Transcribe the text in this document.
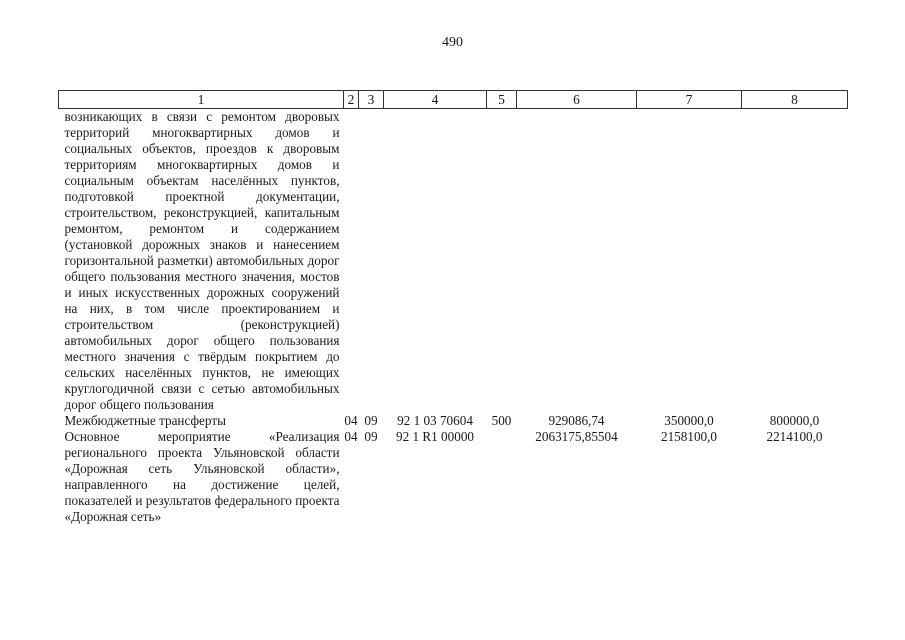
490
1	2	3	4	5	6	7	8
возникающих в связи с ремонтом дворовых территорий многоквартирных домов и социальных объектов, проездов к дворовым территориям многоквартирных домов и социальным объектам населённых пунктов, подготовкой проектной документации, строительством, реконструкцией, капитальным ремонтом, ремонтом и содержанием (установкой дорожных знаков и нанесением горизонтальной разметки) автомобильных дорог общего пользования местного значения, мостов и иных искусственных дорожных сооружений на них, в том числе проектированием и строительством (реконструкцией) автомобильных дорог общего пользования местного значения с твёрдым покрытием до сельских населённых пунктов, не имеющих круглогодичной связи с сетью автомобильных дорог общего пользования							
Межбюджетные трансферты	04	09	92 1 03 70604	500	929086,74	350000,0	800000,0
Основное мероприятие «Реализация регионального проекта Ульяновской области «Дорожная сеть Ульяновской области», направленного на достижение целей, показателей и результатов федерального проекта «Дорожная сеть»	04	09	92 1 R1 00000		2063175,85504	2158100,0	2214100,0
